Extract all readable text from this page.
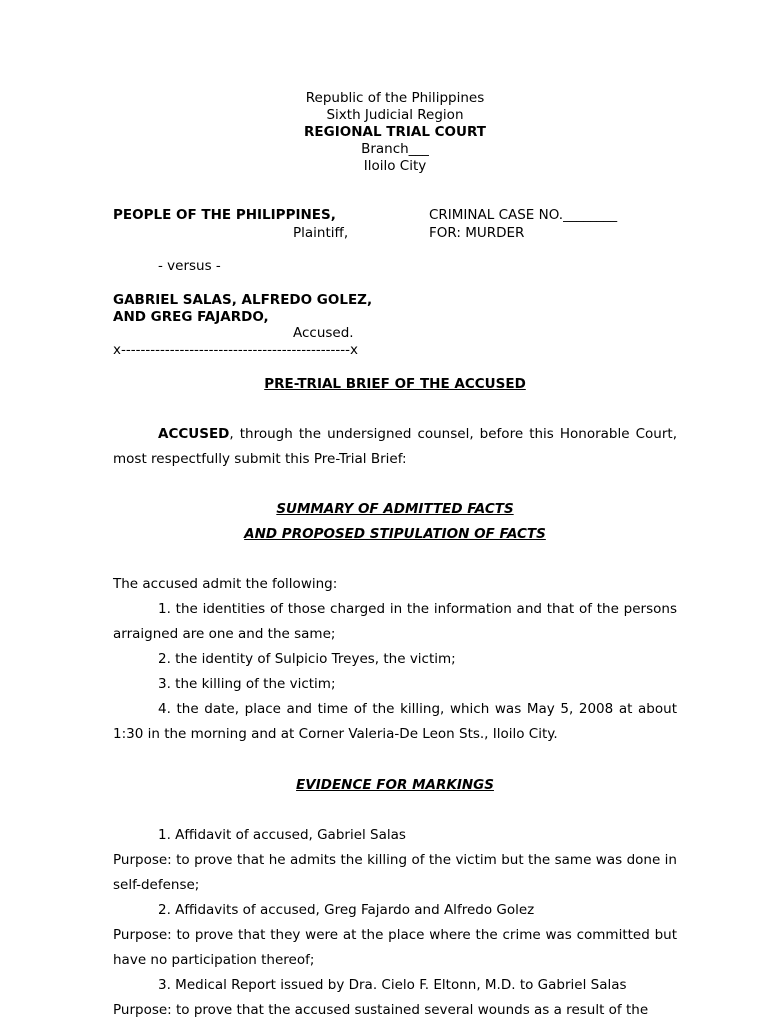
Republic of the Philippines
Sixth Judicial Region
REGIONAL TRIAL COURT
Branch___
Iloilo City
PEOPLE OF THE PHILIPPINES,
Plaintiff,
CRIMINAL CASE NO.________
FOR: MURDER
- versus -
GABRIEL SALAS, ALFREDO GOLEZ,
AND GREG FAJARDO,
Accused.
x-----------------------------------------------x
PRE-TRIAL BRIEF OF THE ACCUSED
ACCUSED, through the undersigned counsel, before this Honorable Court, most respectfully submit this Pre-Trial Brief:
SUMMARY OF ADMITTED FACTS
AND PROPOSED STIPULATION OF FACTS
The accused admit the following:
1. the identities of those charged in the information and that of the persons arraigned are one and the same;
2. the identity of Sulpicio Treyes, the victim;
3. the killing of the victim;
4. the date, place and time of the killing, which was May 5, 2008 at about 1:30 in the morning and at Corner Valeria-De Leon Sts., Iloilo City.
EVIDENCE FOR MARKINGS
1. Affidavit of accused, Gabriel Salas
Purpose: to prove that he admits the killing of the victim but the same was done in self-defense;
2. Affidavits of accused, Greg Fajardo and Alfredo Golez
Purpose: to prove that they were at the place where the crime was committed but have no participation thereof;
3. Medical Report issued by Dra. Cielo F. Eltonn, M.D. to Gabriel Salas
Purpose: to prove that the accused sustained several wounds as a result of the
